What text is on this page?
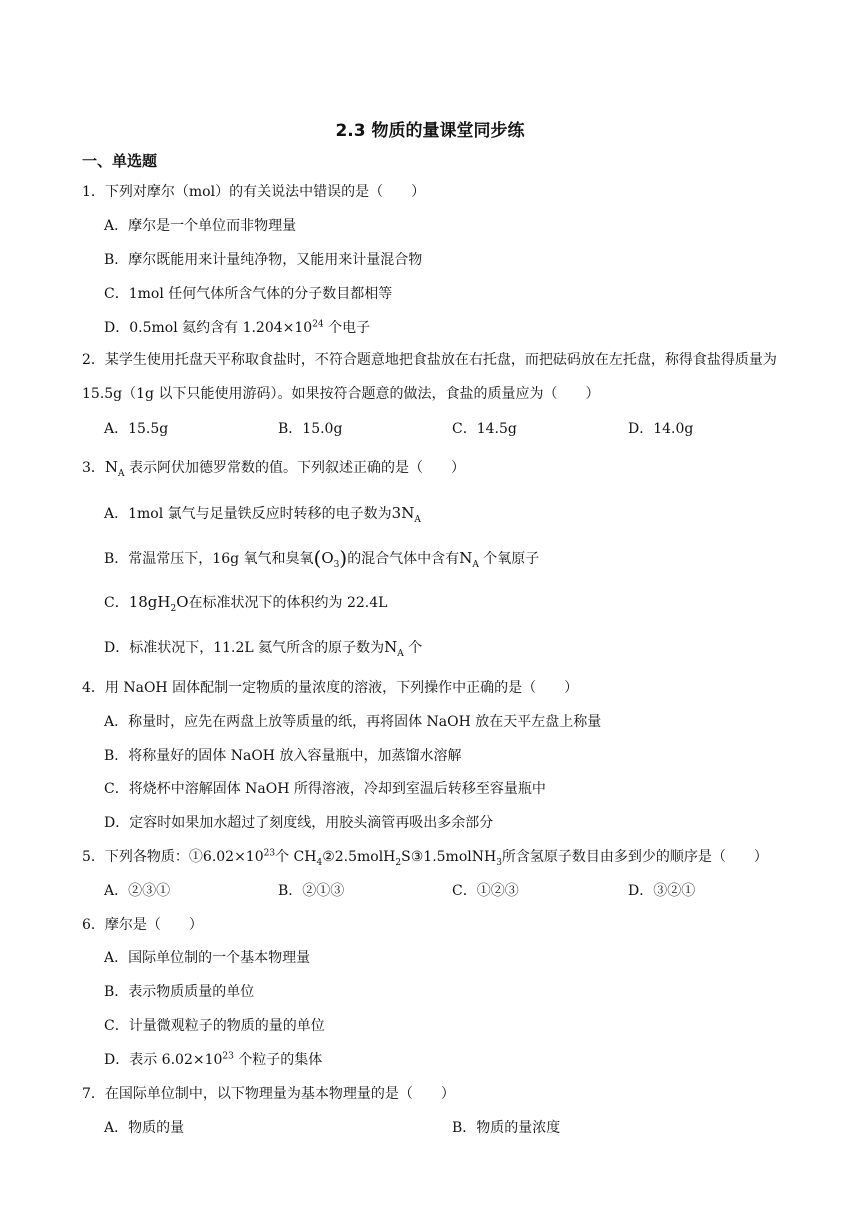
2.3 物质的量课堂同步练
一、单选题
1．下列对摩尔（mol）的有关说法中错误的是（　　）
A．摩尔是一个单位而非物理量
B．摩尔既能用来计量纯净物，又能用来计量混合物
C．1mol 任何气体所含气体的分子数目都相等
D．0.5mol 氦约含有 $1.204\times 10^{24}$ 个电子
2．某学生使用托盘天平称取食盐时，不符合题意地把食盐放在右托盘，而把砝码放在左托盘，称得食盐得质量为 15.5g（1g 以下只能使用游码）。如果按符合题意的做法，食盐的质量应为（　　）
A．15.5g	B．15.0g	C．14.5g	D．14.0g
3．$N_A$ 表示阿伏加德罗常数的值。下列叙述正确的是（　　）
A．1mol 氯气与足量铁反应时转移的电子数为$3N_A$
B．常温常压下，16g 氧气和臭氧$(O_3)$的混合气体中含有$N_A$ 个氧原子
C．$18gH_2O$在标准状况下的体积约为 22.4L
D．标准状况下，11.2L 氦气所含的原子数为$N_A$ 个
4．用 NaOH 固体配制一定物质的量浓度的溶液，下列操作中正确的是（　　）
A．称量时，应先在两盘上放等质量的纸，再将固体 NaOH 放在天平左盘上称量
B．将称量好的固体 NaOH 放入容量瓶中，加蒸馏水溶解
C．将烧杯中溶解固体 NaOH 所得溶液，冷却到室温后转移至容量瓶中
D．定容时如果加水超过了刻度线，用胶头滴管再吸出多余部分
5．下列各物质：$①6.02\times 10^{23}$个 $CH_4②2.5molH_2S③1.5molNH_3$所含氢原子数目由多到少的顺序是（　　）
A．②③①	B．②①③	C．①②③	D．③②①
6．摩尔是（　　）
A．国际单位制的一个基本物理量
B．表示物质质量的单位
C．计量微观粒子的物质的量的单位
D．表示 $6.02\times 10^{23}$ 个粒子的集体
7．在国际单位制中，以下物理量为基本物理量的是（　　）
A．物质的量	B．物质的量浓度
